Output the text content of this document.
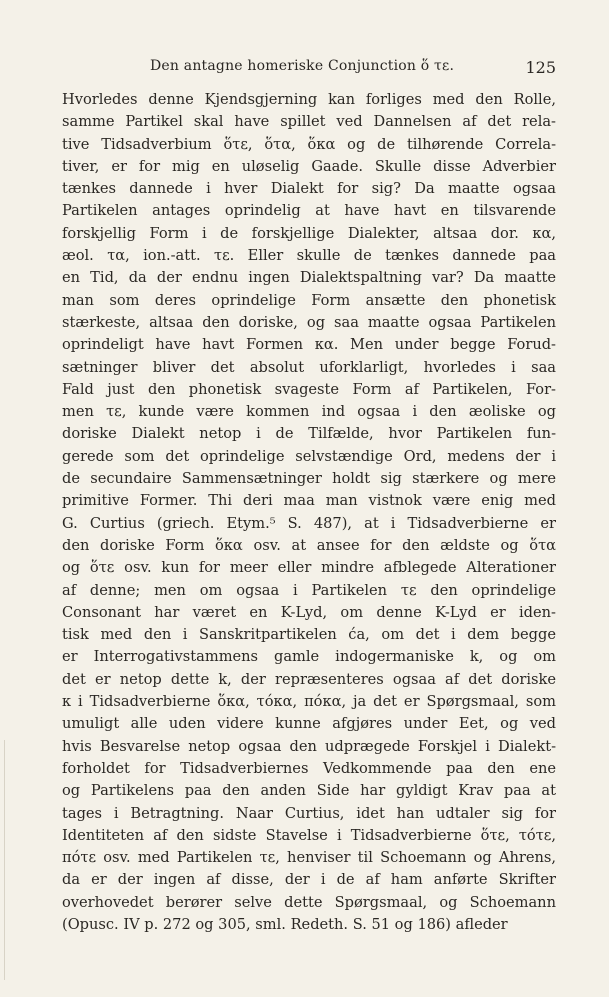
Den antagne homeriske Conjunction ὅ τε.	125
Hvorledes denne Kjendsgjerning kan forliges med den Rolle,
samme Partikel skal have spillet ved Dannelsen af det rela-
tive Tidsadverbium ὅτε, ὅτα, ὅκα og de tilhørende Correla-
tiver, er for mig en uløselig Gaade. Skulle disse Adverbier
tænkes dannede i hver Dialekt for sig? Da maatte ogsaa
Partikelen antages oprindelig at have havt en tilsvarende
forskjellig Form i de forskjellige Dialekter, altsaa dor. κα,
æol. τα, ion.-att. τε. Eller skulle de tænkes dannede paa
en Tid, da der endnu ingen Dialektspaltning var? Da maatte
man som deres oprindelige Form ansætte den phonetisk
stærkeste, altsaa den doriske, og saa maatte ogsaa Partikelen
oprindeligt have havt Formen κα. Men under begge Forud-
sætninger bliver det absolut uforklarligt, hvorledes i saa
Fald just den phonetisk svageste Form af Partikelen, For-
men τε, kunde være kommen ind ogsaa i den æoliske og
doriske Dialekt netop i de Tilfælde, hvor Partikelen fun-
gerede som det oprindelige selvstændige Ord, medens der i
de secundaire Sammensætninger holdt sig stærkere og mere
primitive Former. Thi deri maa man vistnok være enig med
G. Curtius (griech. Etym.⁵ S. 487), at i Tidsadverbierne er
den doriske Form ὅκα osv. at ansee for den ældste og ὅτα
og ὅτε osv. kun for meer eller mindre afblegede Alterationer
af denne; men om ogsaa i Partikelen τε den oprindelige
Consonant har været en K-Lyd, om denne K-Lyd er iden-
tisk med den i Sanskritpartikelen ća, om det i dem begge
er Interrogativstammens gamle indogermaniske k, og om
det er netop dette k, der repræsenteres ogsaa af det doriske
κ i Tidsadverbierne ὅκα, τόκα, πόκα, ja det er Spørgsmaal, som
umuligt alle uden videre kunne afgjøres under Eet, og ved
hvis Besvarelse netop ogsaa den udprægede Forskjel i Dialekt-
forholdet for Tidsadverbiernes Vedkommende paa den ene
og Partikelens paa den anden Side har gyldigt Krav paa at
tages i Betragtning. Naar Curtius, idet han udtaler sig for
Identiteten af den sidste Stavelse i Tidsadverbierne ὅτε, τότε,
πότε osv. med Partikelen τε, henviser til Schoemann og Ahrens,
da er der ingen af disse, der i de af ham anførte Skrifter
overhovedet berører selve dette Spørgsmaal, og Schoemann
(Opusc. IV p. 272 og 305, sml. Redeth. S. 51 og 186) afleder
